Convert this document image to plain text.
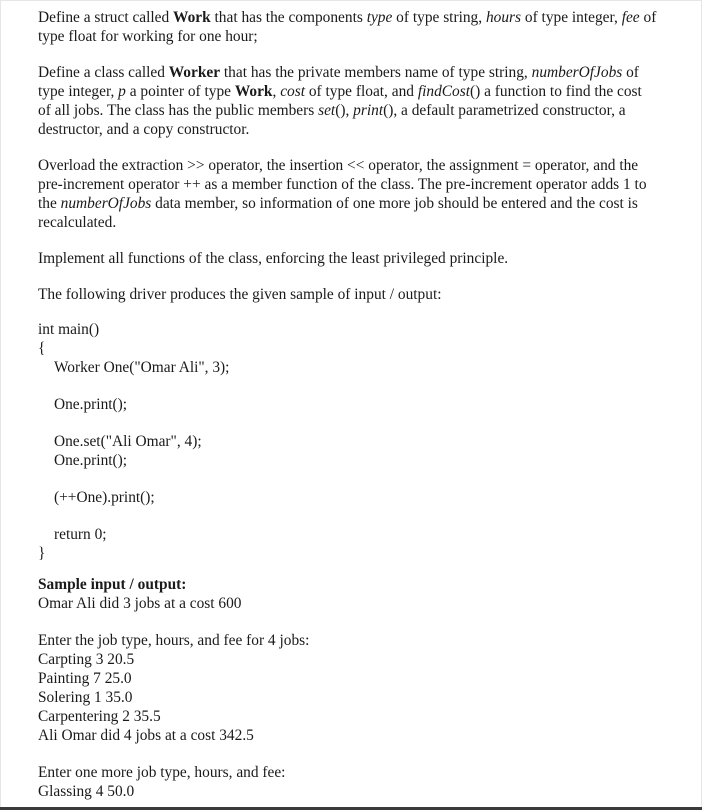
Define a struct called Work that has the components type of type string, hours of type integer, fee of type float for working for one hour;

Define a class called Worker that has the private members name of type string, numberOfJobs of type integer, p a pointer of type Work, cost of type float, and findCost() a function to find the cost of all jobs. The class has the public members set(), print(), a default parametrized constructor, a destructor, and a copy constructor.

Overload the extraction >> operator, the insertion << operator, the assignment = operator, and the pre-increment operator ++ as a member function of the class. The pre-increment operator adds 1 to the numberOfJobs data member, so information of one more job should be entered and the cost is recalculated.

Implement all functions of the class, enforcing the least privileged principle.

The following driver produces the given sample of input / output:

int main()
{
Worker One("Omar Ali", 3);
One.print();
One.set("Ali Omar", 4);
One.print();
(++One).print();
return 0;
}
Sample input / output:
Omar Ali did 3 jobs at a cost 600
Enter the job type, hours, and fee for 4 jobs:
Carpting 3 20.5
Painting 7 25.0
Solering 1 35.0
Carpentering 2 35.5
Ali Omar did 4 jobs at a cost 342.5
Enter one more job type, hours, and fee:
Glassing 4 50.0
